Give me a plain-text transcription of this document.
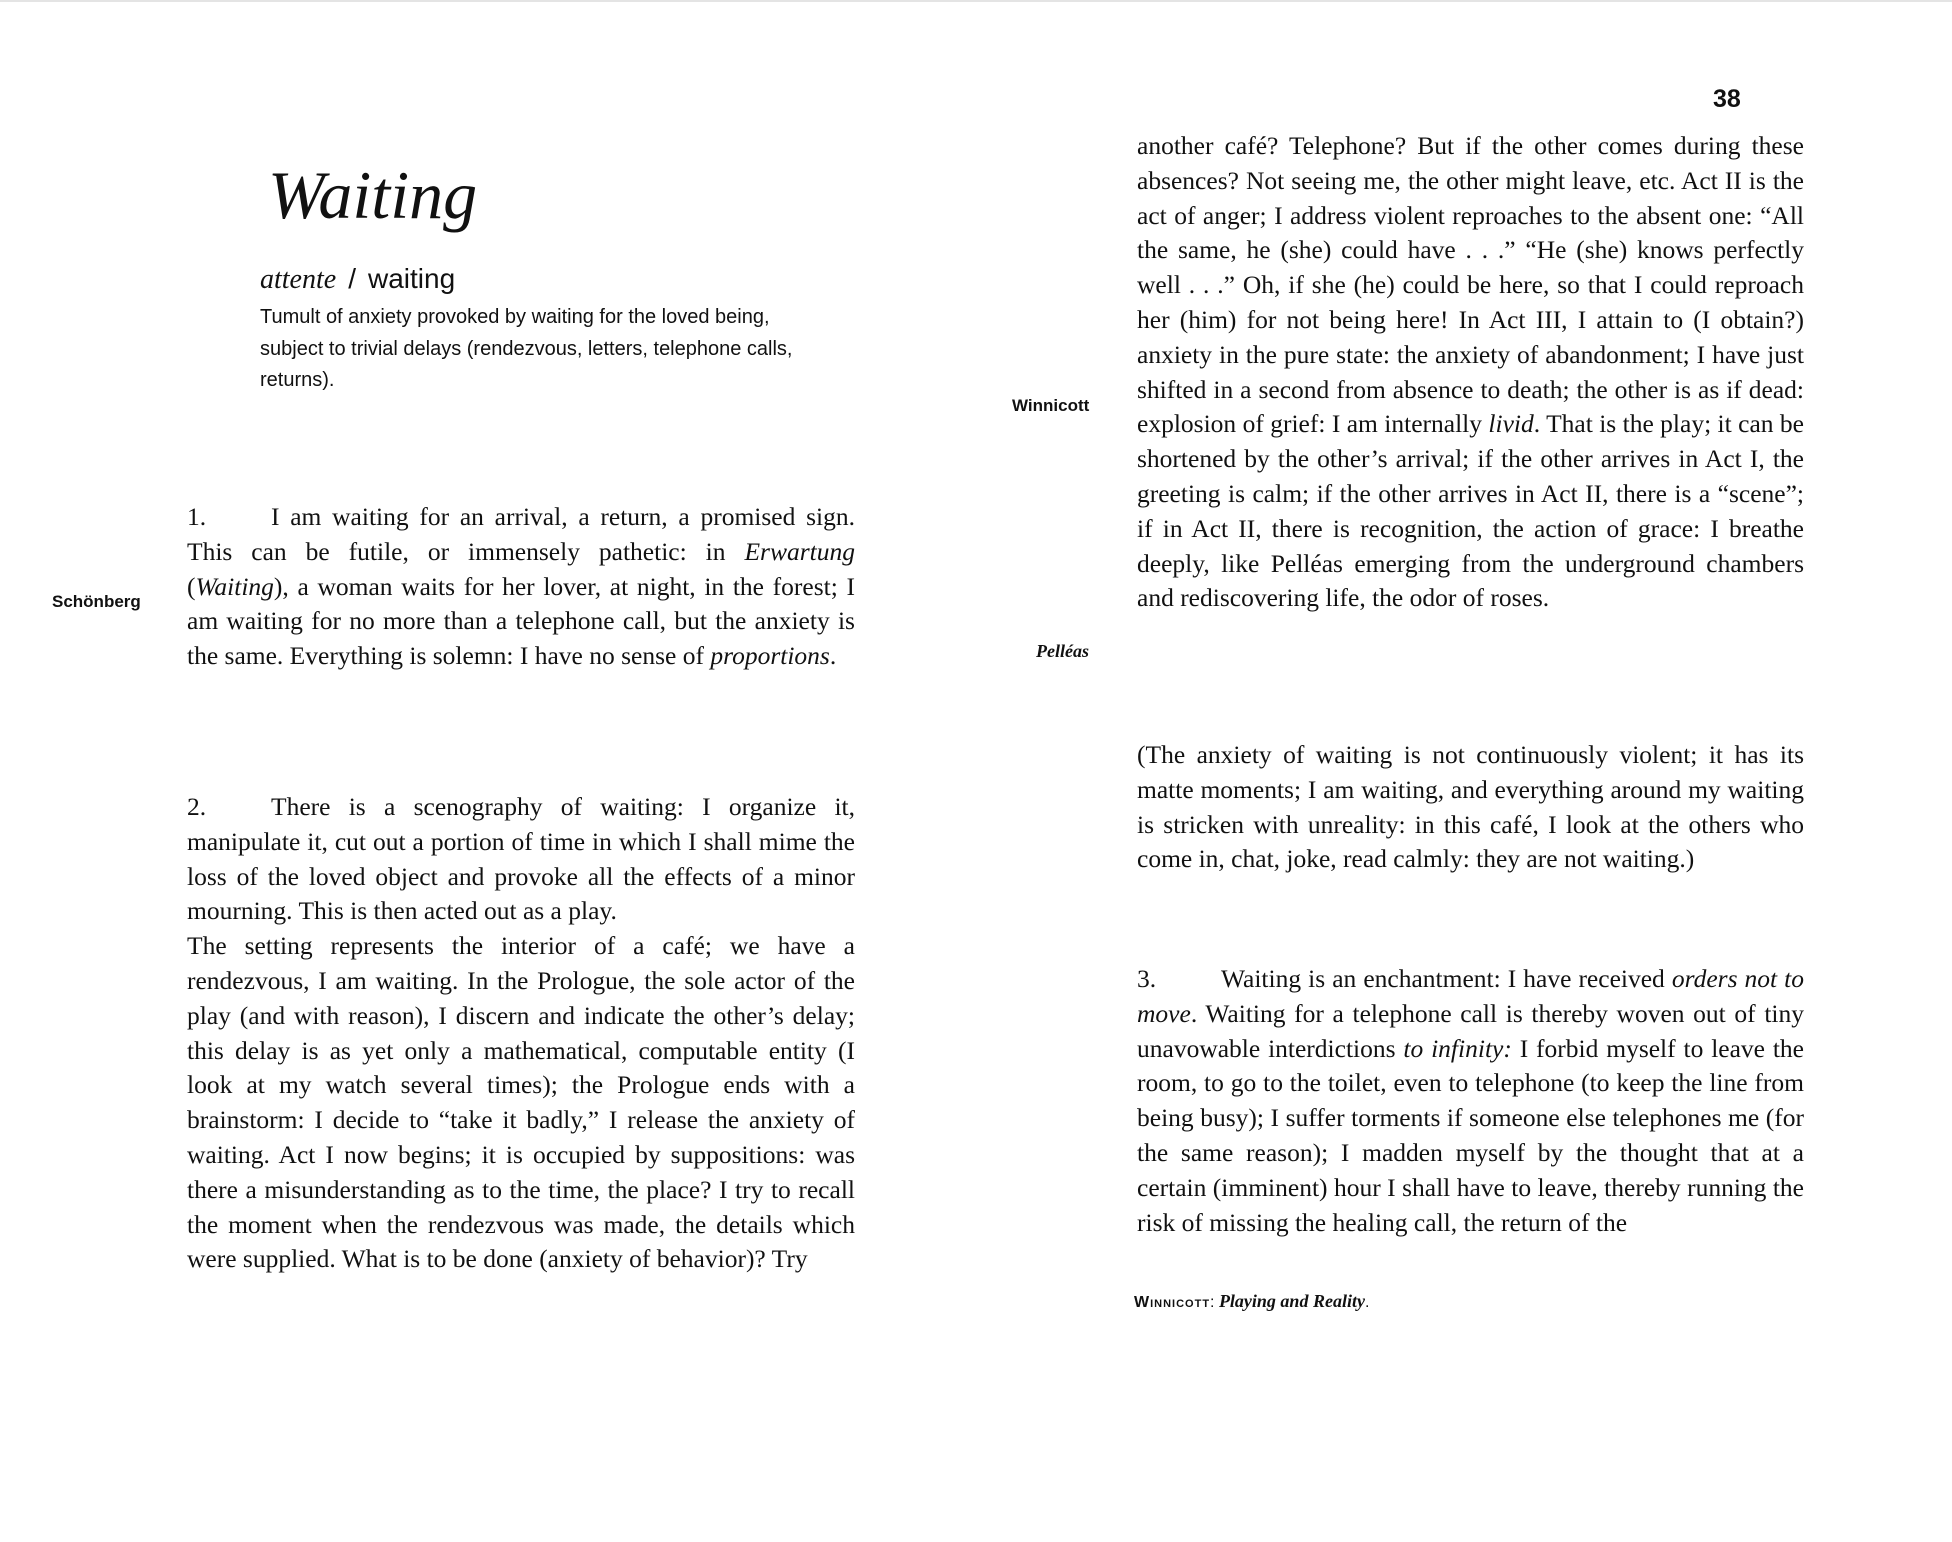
38
Waiting
attente / waiting
Tumult of anxiety provoked by waiting for the loved being, subject to trivial delays (rendezvous, letters, telephone calls, returns).
Schönberg
Winnicott
Pelléas

1.	I am waiting for an arrival, a return, a promised sign. This can be futile, or immensely pathetic: in Erwartung (Waiting), a woman waits for her lover, at night, in the forest; I am waiting for no more than a telephone call, but the anxiety is the same. Everything is solemn: I have no sense of proportions.

2.	There is a scenography of waiting: I organize it, manipulate it, cut out a portion of time in which I shall mime the loss of the loved object and provoke all the effects of a minor mourning. This is then acted out as a play.

The setting represents the interior of a café; we have a rendezvous, I am waiting. In the Prologue, the sole actor of the play (and with reason), I discern and indicate the other’s delay; this delay is as yet only a mathematical, computable entity (I look at my watch several times); the Prologue ends with a brainstorm: I decide to “take it badly,” I release the anxiety of waiting. Act I now begins; it is occupied by suppositions: was there a misunderstanding as to the time, the place? I try to recall the moment when the rendezvous was made, the details which were supplied. What is to be done (anxiety of behavior)? Try

another café? Telephone? But if the other comes during these absences? Not seeing me, the other might leave, etc. Act II is the act of anger; I address violent reproaches to the absent one: “All the same, he (she) could have . . .” “He (she) knows perfectly well . . .” Oh, if she (he) could be here, so that I could reproach her (him) for not being here! In Act III, I attain to (I obtain?) anxiety in the pure state: the anxiety of abandonment; I have just shifted in a second from absence to death; the other is as if dead: explosion of grief: I am internally livid. That is the play; it can be shortened by the other’s arrival; if the other arrives in Act I, the greeting is calm; if the other arrives in Act II, there is a “scene”; if in Act II, there is recognition, the action of grace: I breathe deeply, like Pelléas emerging from the underground chambers and rediscovering life, the odor of roses.

(The anxiety of waiting is not continuously violent; it has its matte moments; I am waiting, and everything around my waiting is stricken with unreality: in this café, I look at the others who come in, chat, joke, read calmly: they are not waiting.)

3.	Waiting is an enchantment: I have received orders not to move. Waiting for a telephone call is thereby woven out of tiny unavowable interdictions to infinity: I forbid myself to leave the room, to go to the toilet, even to telephone (to keep the line from being busy); I suffer torments if someone else telephones me (for the same reason); I madden myself by the thought that at a certain (imminent) hour I shall have to leave, thereby running the risk of missing the healing call, the return of the

Winnicott: Playing and Reality.
